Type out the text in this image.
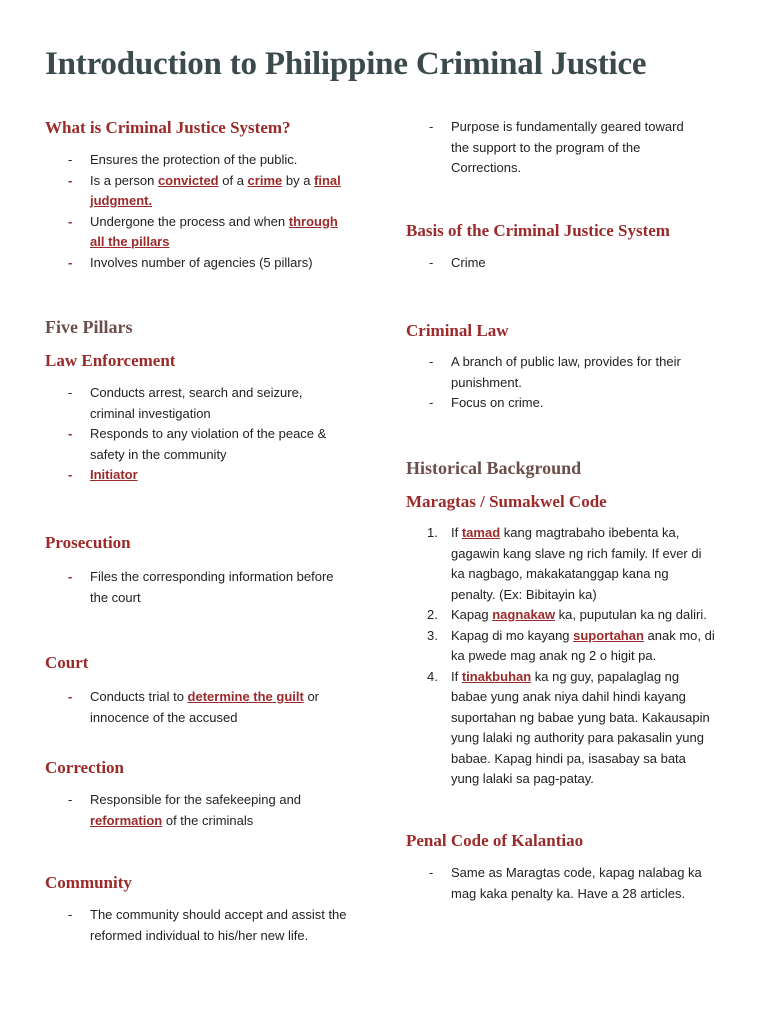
Introduction to Philippine Criminal Justice
What is Criminal Justice System?
-	Ensures the protection of the public.
-	Is a person convicted of a crime by a final
judgment.
-	Undergone the process and when through
all the pillars
-	Involves number of agencies (5 pillars)
Five Pillars
Law Enforcement
-	Conducts arrest, search and seizure,
criminal investigation
-	Responds to any violation of the peace &
safety in the community
-	Initiator
Prosecution
-	Files the corresponding information before
the court
Court
-	Conducts trial to determine the guilt or
innocence of the accused
Correction
-	Responsible for the safekeeping and
reformation of the criminals
Community
-	The community should accept and assist the
reformed individual to his/her new life.
-	Purpose is fundamentally geared toward
the support to the program of the
Corrections.
Basis of the Criminal Justice System
-	Crime
Criminal Law
-	A branch of public law, provides for their
punishment.
-	Focus on crime.
Historical Background
Maragtas / Sumakwel Code
1. If tamad kang magtrabaho ibebenta ka,
gagawin kang slave ng rich family. If ever di
ka nagbago, makakatanggap kana ng
penalty. (Ex: Bibitayin ka)
2. Kapag nagnakaw ka, puputulan ka ng daliri.
3. Kapag di mo kayang suportahan anak mo, di
ka pwede mag anak ng 2 o higit pa.
4. If tinakbuhan ka ng guy, papalaglag ng
babae yung anak niya dahil hindi kayang
suportahan ng babae yung bata. Kakausapin
yung lalaki ng authority para pakasalin yung
babae. Kapag hindi pa, isasabay sa bata
yung lalaki sa pag-patay.
Penal Code of Kalantiao
-	Same as Maragtas code, kapag nalabag ka
mag kaka penalty ka. Have a 28 articles.
